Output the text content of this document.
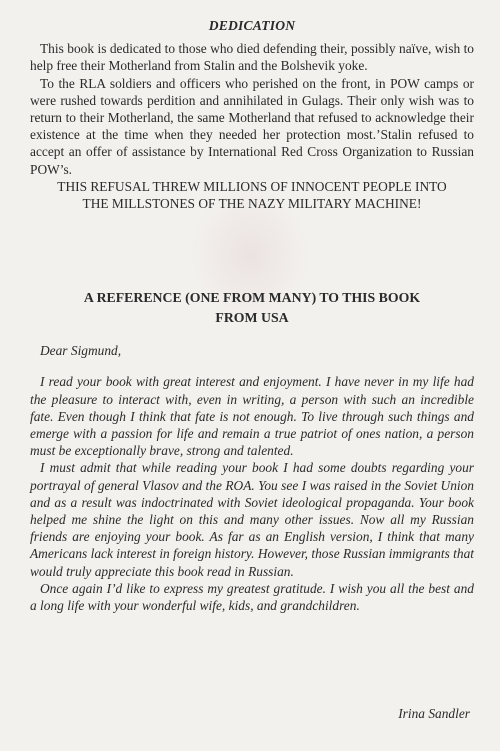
DEDICATION

This book is dedicated to those who died defending their, possibly naïve, wish to help free their Motherland from Stalin and the Bolshevik yoke.

To the RLA soldiers and officers who perished on the front, in POW camps or were rushed towards perdition and annihilated in Gulags. Their only wish was to return to their Motherland, the same Motherland that refused to acknowledge their existence at the time when they needed her protection most.’Stalin refused to accept an offer of assistance by International Red Cross Organization to Russian POW’s.

THIS REFUSAL THREW MILLIONS OF INNOCENT PEOPLE INTO

THE MILLSTONES OF THE NAZY MILITARY MACHINE!

A REFERENCE (ONE FROM MANY) TO THIS BOOK
FROM USA
Dear Sigmund,

I read your book with great interest and enjoyment. I have never in my life had the pleasure to interact with, even in writing, a person with such an incredible fate. Even though I think that fate is not enough. To live through such things and emerge with a passion for life and remain a true patriot of ones nation, a person must be exceptionally brave, strong and talented.

I must admit that while reading your book I had some doubts regarding your portrayal of general Vlasov and the ROA. You see I was raised in the Soviet Union and as a result was indoctrinated with Soviet ideological propaganda. Your book helped me shine the light on this and many other issues. Now all my Russian friends are enjoying your book. As far as an English version, I think that many Americans lack interest in foreign history. However, those Russian immigrants that would truly appreciate this book read in Russian.

Once again I’d like to express my greatest gratitude. I wish you all the best and a long life with your wonderful wife, kids, and grandchildren.

Irina Sandler
